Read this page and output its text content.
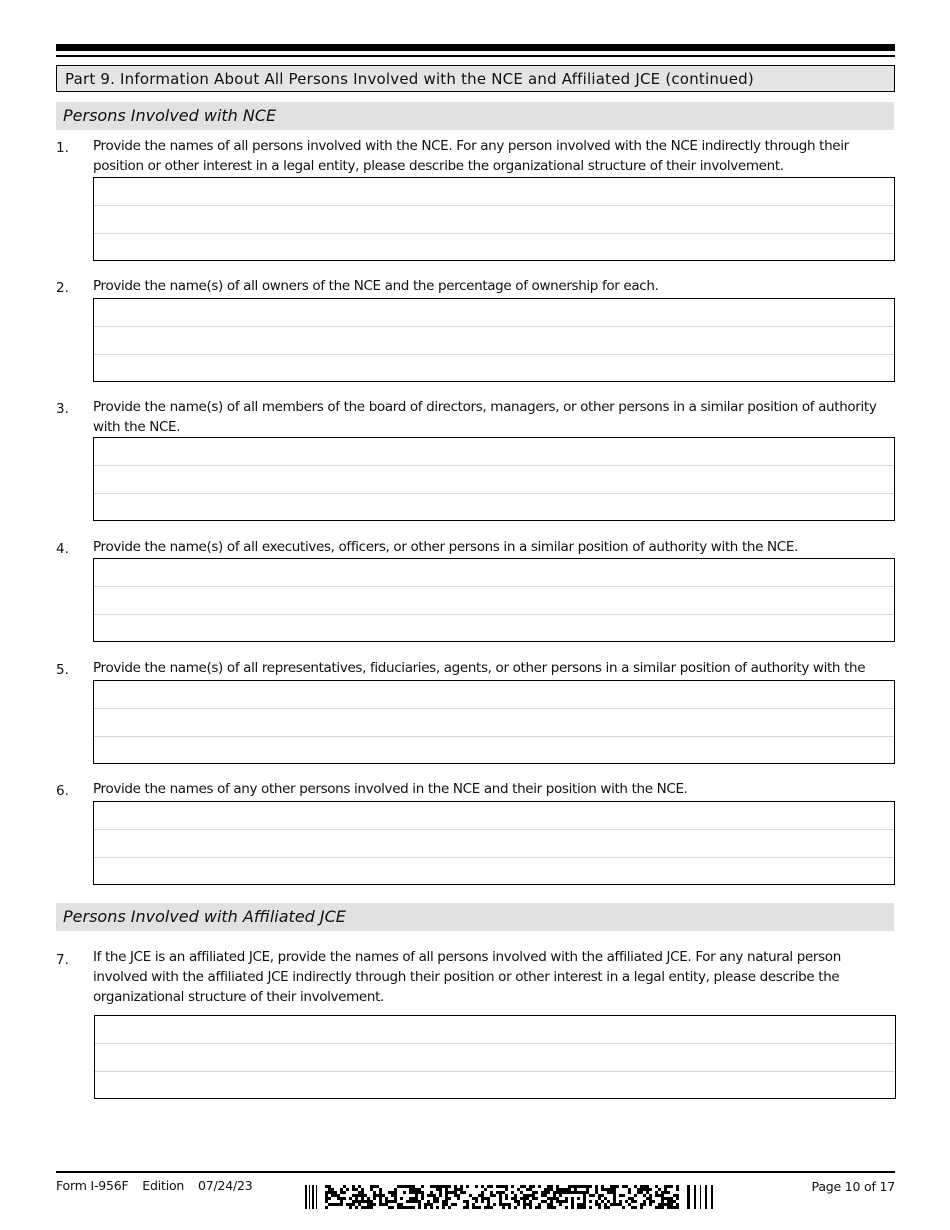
Part 9. Information About All Persons Involved with the NCE and Affiliated JCE (continued)
Persons Involved with NCE
1.	Provide the names of all persons involved with the NCE. For any person involved with the NCE indirectly through their position or other interest in a legal entity, please describe the organizational structure of their involvement.
2.	Provide the name(s) of all owners of the NCE and the percentage of ownership for each.
3.	Provide the name(s) of all members of the board of directors, managers, or other persons in a similar position of authority with the NCE.
4.	Provide the name(s) of all executives, officers, or other persons in a similar position of authority with the NCE.
5.	Provide the name(s) of all representatives, fiduciaries, agents, or other persons in a similar position of authority with the
6.	Provide the names of any other persons involved in the NCE and their position with the NCE.
Persons Involved with Affiliated JCE
7.	If the JCE is an affiliated JCE, provide the names of all persons involved with the affiliated JCE. For any natural person involved with the affiliated JCE indirectly through their position or other interest in a legal entity, please describe the organizational structure of their involvement.
Form I-956F Edition 07/24/23	Page 10 of 17
